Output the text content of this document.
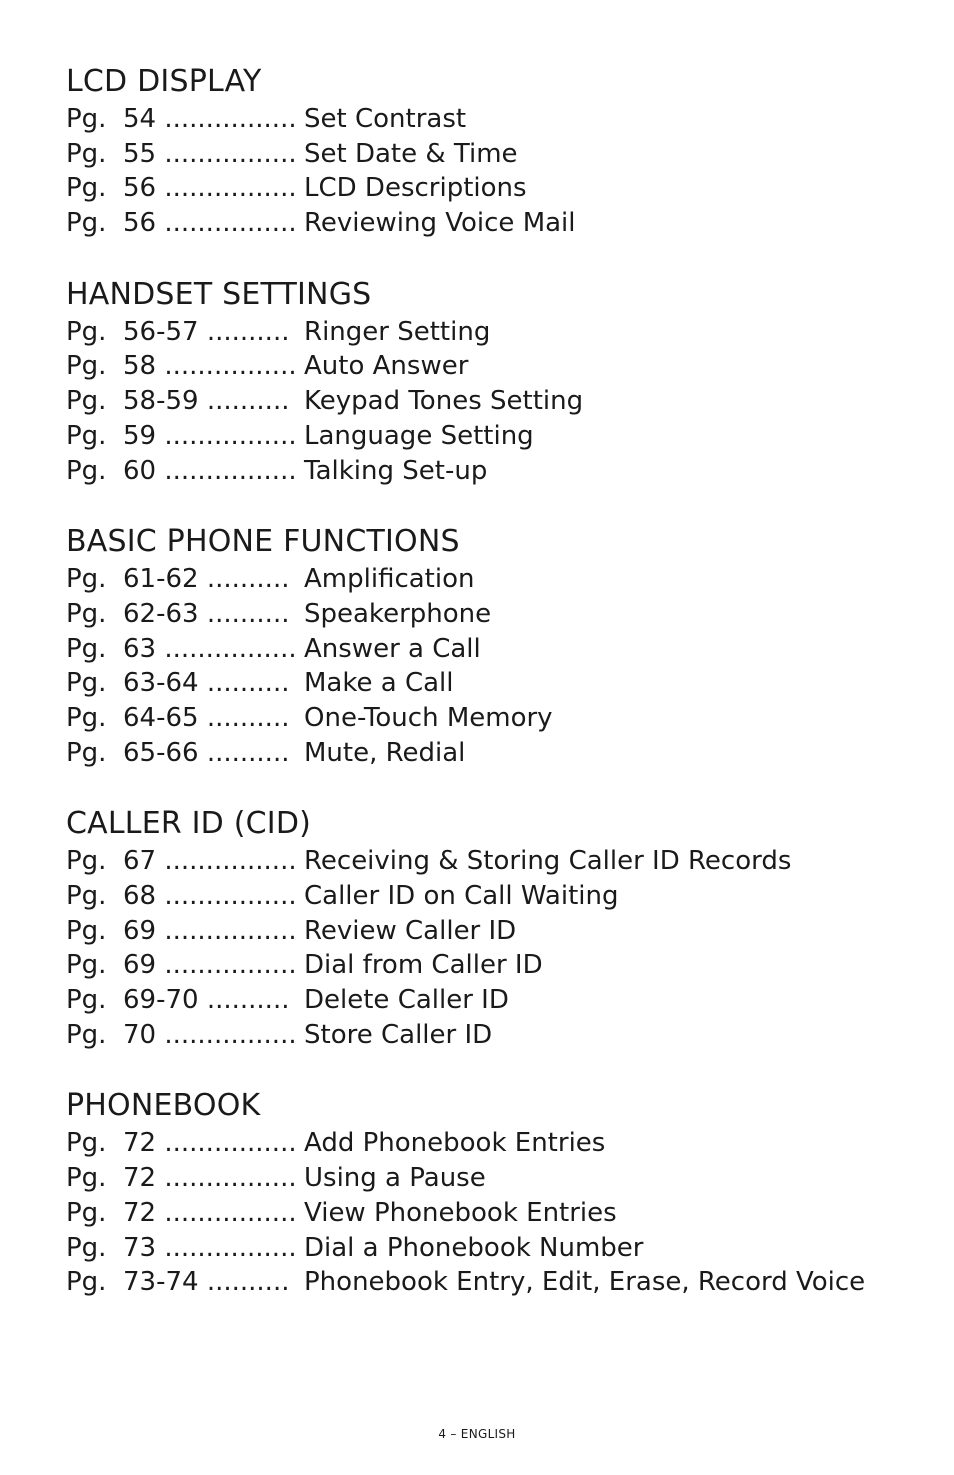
LCD DISPLAY
Pg. 54
................ Set Contrast
Pg. 55
................ Set Date & Time
Pg. 56
................ LCD Descriptions
Pg. 56
................ Reviewing Voice Mail
HANDSET SETTINGS
Pg. 56-57
.......... Ringer Setting
Pg. 58
................ Auto Answer
Pg. 58-59
.......... Keypad Tones Setting
Pg. 59
................ Language Setting
Pg. 60
................ Talking Set-up
BASIC PHONE FUNCTIONS
Pg. 61-62
.......... Amplification
Pg. 62-63
.......... Speakerphone
Pg. 63
................ Answer a Call
Pg. 63-64
.......... Make a Call
Pg. 64-65
.......... One-Touch Memory
Pg. 65-66
.......... Mute, Redial
CALLER ID (CID)
Pg. 67
................ Receiving & Storing Caller ID Records
Pg. 68
................ Caller ID on Call Waiting
Pg. 69
................ Review Caller ID
Pg. 69
................ Dial from Caller ID
Pg. 69-70
.......... Delete Caller ID
Pg. 70
................ Store Caller ID
PHONEBOOK
Pg. 72
................ Add Phonebook Entries
Pg. 72
................ Using a Pause
Pg. 72
................ View Phonebook Entries
Pg. 73
................ Dial a Phonebook Number
Pg. 73-74
.......... Phonebook Entry, Edit, Erase, Record Voice
4 – ENGLISH
